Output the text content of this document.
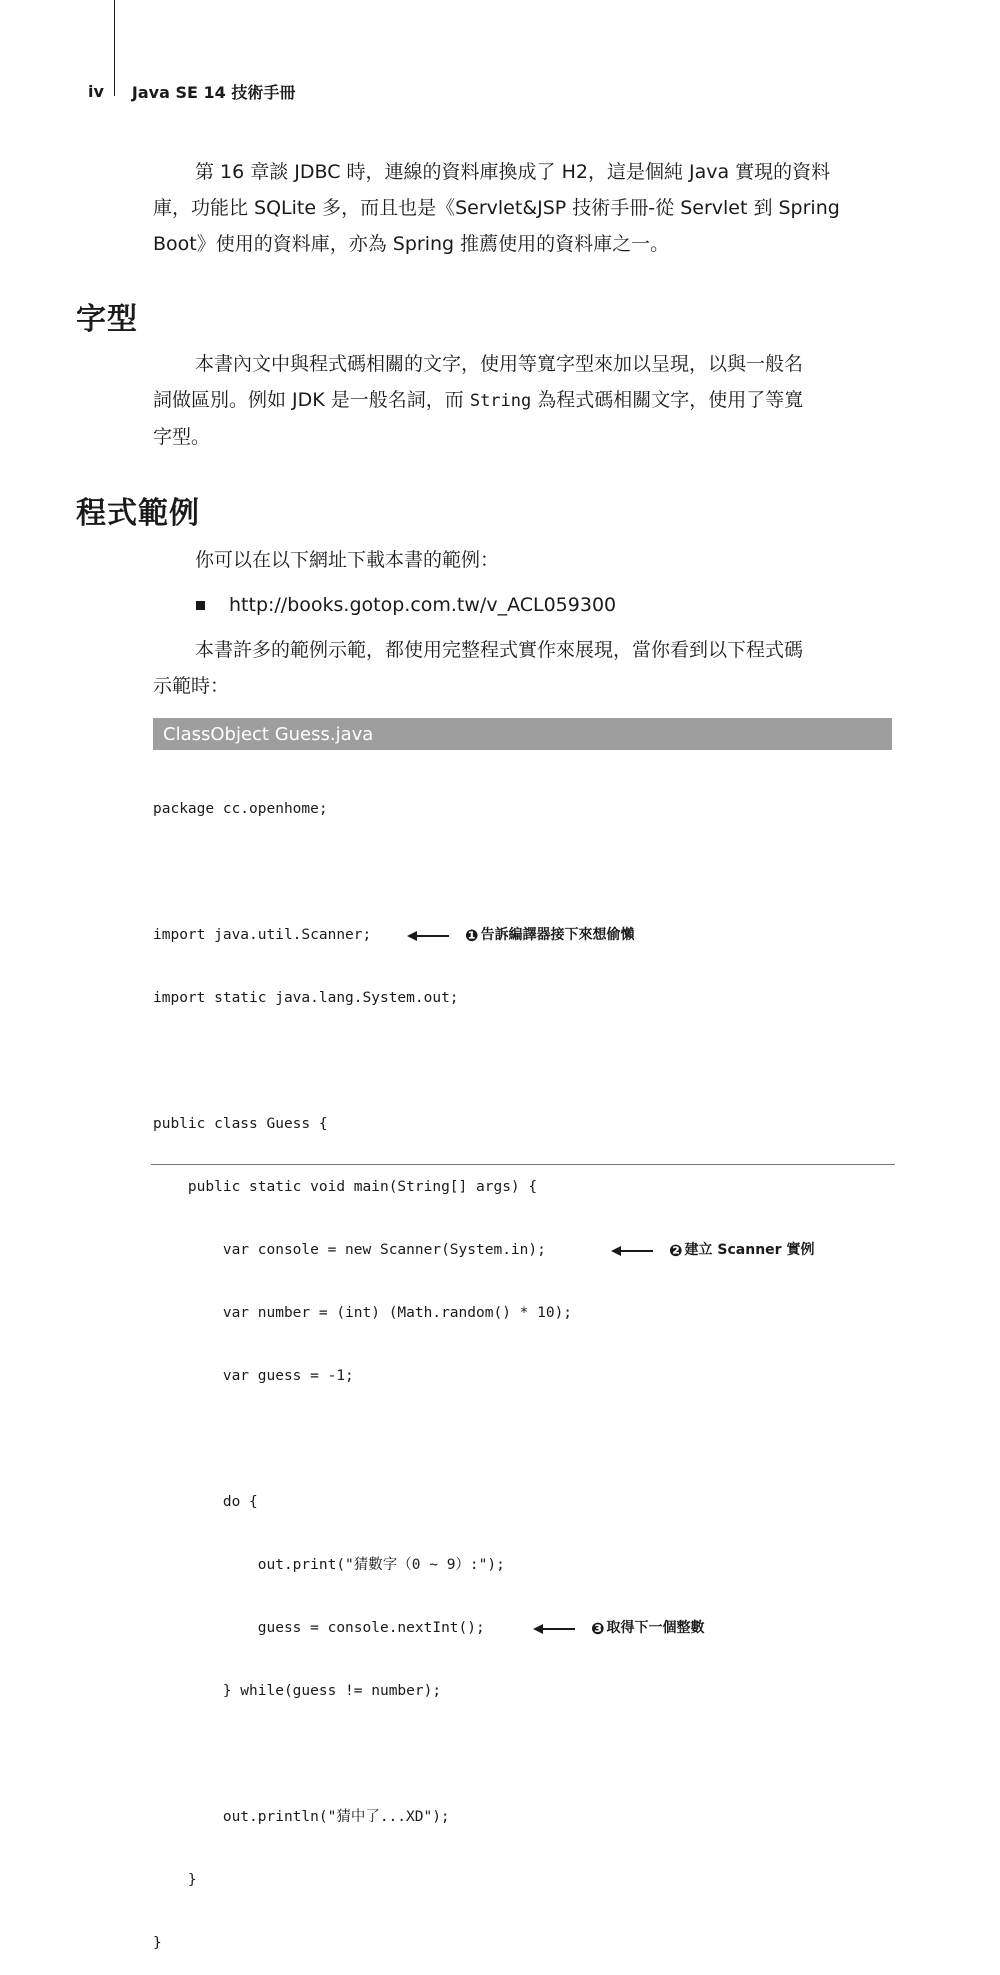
iv Java SE 14 技術手冊

第 16 章談 JDBC 時，連線的資料庫換成了 H2，這是個純 Java 實現的資料
庫，功能比 SQLite 多，而且也是《Servlet&JSP 技術手冊-從 Servlet 到 Spring
Boot》使用的資料庫，亦為 Spring 推薦使用的資料庫之一。

字型

本書內文中與程式碼相關的文字，使用等寬字型來加以呈現，以與一般名
詞做區別。例如 JDK 是一般名詞，而 String 為程式碼相關文字，使用了等寬
字型。

程式範例

你可以在以下網址下載本書的範例：

http://books.gotop.com.tw/v_ACL059300

本書許多的範例示範，都使用完整程式實作來展現，當你看到以下程式碼
示範時：

ClassObject Guess.java

package cc.openhome;

import java.util.Scanner;	❶ 告訴編譯器接下來想偷懶

import static java.lang.System.out;

public class Guess {

public static void main(String[] args) {

var console = new Scanner(System.in);	❷ 建立 Scanner 實例

var number = (int) (Math.random() * 10);

var guess = -1;

do {

out.print("猜數字（0 ~ 9）:");

guess = console.nextInt();	❸ 取得下一個整數

} while(guess != number);

out.println("猜中了...XD");

}

}
